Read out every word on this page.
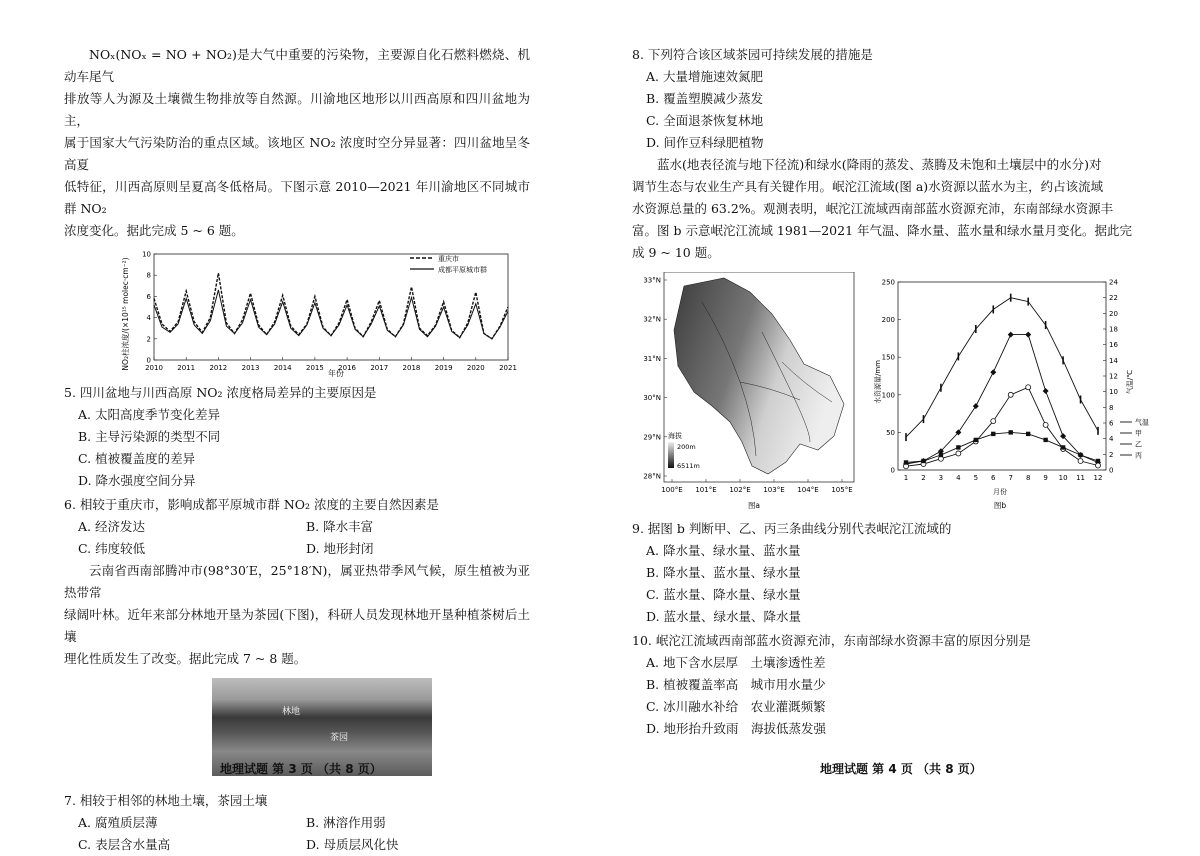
NOₓ(NOₓ = NO + NO₂)是大气中重要的污染物，主要源自化石燃料燃烧、机动车尾气
排放等人为源及土壤微生物排放等自然源。川渝地区地形以川西高原和四川盆地为主，
属于国家大气污染防治的重点区域。该地区 NO₂ 浓度时空分异显著：四川盆地呈冬高夏
低特征，川西高原则呈夏高冬低格局。下图示意 2010—2021 年川渝地区不同城市群 NO₂
浓度变化。据此完成 5 ~ 6 题。

NO₂柱浓度/(×10¹⁵ molec·cm⁻²)
年份
重庆市
成都平原城市群
0
2
4
6
8
10
2010 2011 2012 2013 2014 2015 2016 2017 2018 2019 2020 2021

5. 四川盆地与川西高原 NO₂ 浓度格局差异的主要原因是

A. 太阳高度季节变化差异

B. 主导污染源的类型不同

C. 植被覆盖度的差异

D. 降水强度空间分异

6. 相较于重庆市，影响成都平原城市群 NO₂ 浓度的主要自然因素是

A. 经济发达	B. 降水丰富
C. 纬度较低	D. 地形封闭

云南省西南部腾冲市(98°30′E，25°18′N)，属亚热带季风气候，原生植被为亚热带常
绿阔叶林。近年来部分林地开垦为茶园(下图)，科研人员发现林地开垦种植茶树后土壤
理化性质发生了改变。据此完成 7 ~ 8 题。

林地
茶园

7. 相较于相邻的林地土壤，茶园土壤

A. 腐殖质层薄	B. 淋溶作用弱
C. 表层含水量高	D. 母质层风化快
地理试题 第 3 页 （共 8 页）

8. 下列符合该区域茶园可持续发展的措施是

A. 大量增施速效氮肥

B. 覆盖塑膜减少蒸发

C. 全面退茶恢复林地

D. 间作豆科绿肥植物

蓝水(地表径流与地下径流)和绿水(降雨的蒸发、蒸腾及未饱和土壤层中的水分)对
调节生态与农业生产具有关键作用。岷沱江流域(图 a)水资源以蓝水为主，约占该流域
水资源总量的 63.2%。观测表明，岷沱江流域西南部蓝水资源充沛，东南部绿水资源丰
富。图 b 示意岷沱江流域 1981—2021 年气温、降水量、蓝水量和绿水量月变化。据此完
成 9 ~ 10 题。

海拔
200m
6511m
图a
33°N
32°N
31°N
30°N
29°N
28°N
100°E 101°E 102°E 103°E 104°E 105°E
水资源量/mm	气温/℃
月份
图b
0
50
100
150
200
250
0
2
4
6
8
10
12
14
16
18
20
22
24
1 2 3 4 5 6 7 8 9 10 11 12
气温
甲
乙
丙

9. 据图 b 判断甲、乙、丙三条曲线分别代表岷沱江流域的

A. 降水量、绿水量、蓝水量

B. 降水量、蓝水量、绿水量

C. 蓝水量、降水量、绿水量

D. 蓝水量、绿水量、降水量

10. 岷沱江流域西南部蓝水资源充沛，东南部绿水资源丰富的原因分别是

A. 地下含水层厚　土壤渗透性差

B. 植被覆盖率高　城市用水量少

C. 冰川融水补给　农业灌溉频繁

D. 地形抬升致雨　海拔低蒸发强

地理试题 第 4 页 （共 8 页）
